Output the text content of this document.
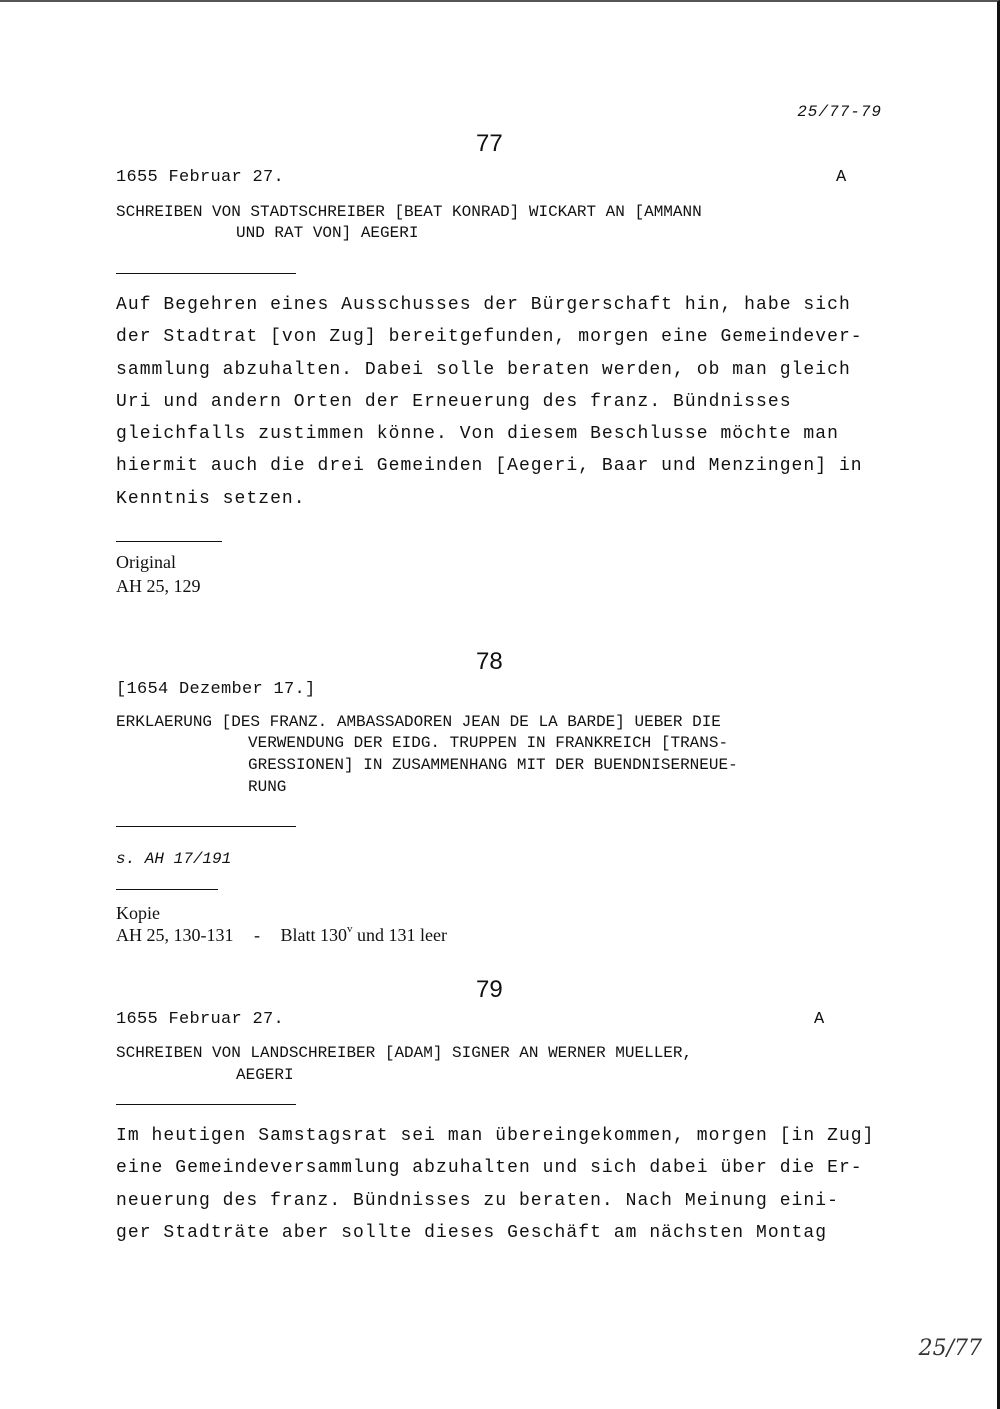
25/77-79
77
1655 Februar 27.	A
SCHREIBEN VON STADTSCHREIBER [BEAT KONRAD] WICKART AN [AMMANN
UND RAT VON] AEGERI
Auf Begehren eines Ausschusses der Bürgerschaft hin, habe sich
der Stadtrat [von Zug] bereitgefunden, morgen eine Gemeindever-
sammlung abzuhalten. Dabei solle beraten werden, ob man gleich
Uri und andern Orten der Erneuerung des franz. Bündnisses
gleichfalls zustimmen könne. Von diesem Beschlusse möchte man
hiermit auch die drei Gemeinden [Aegeri, Baar und Menzingen] in
Kenntnis setzen.
Original
AH 25, 129
78
[1654 Dezember 17.]
ERKLAERUNG [DES FRANZ. AMBASSADOREN JEAN DE LA BARDE] UEBER DIE
VERWENDUNG DER EIDG. TRUPPEN IN FRANKREICH [TRANS-
GRESSIONEN] IN ZUSAMMENHANG MIT DER BUENDNISERNEUE-
RUNG
s. AH 17/191
Kopie
AH 25, 130-131 - Blatt 130$^v$ und 131 leer
79
1655 Februar 27.	A
SCHREIBEN VON LANDSCHREIBER [ADAM] SIGNER AN WERNER MUELLER,
AEGERI
Im heutigen Samstagsrat sei man übereingekommen, morgen [in Zug]
eine Gemeindeversammlung abzuhalten und sich dabei über die Er-
neuerung des franz. Bündnisses zu beraten. Nach Meinung eini-
ger Stadträte aber sollte dieses Geschäft am nächsten Montag
25/77
